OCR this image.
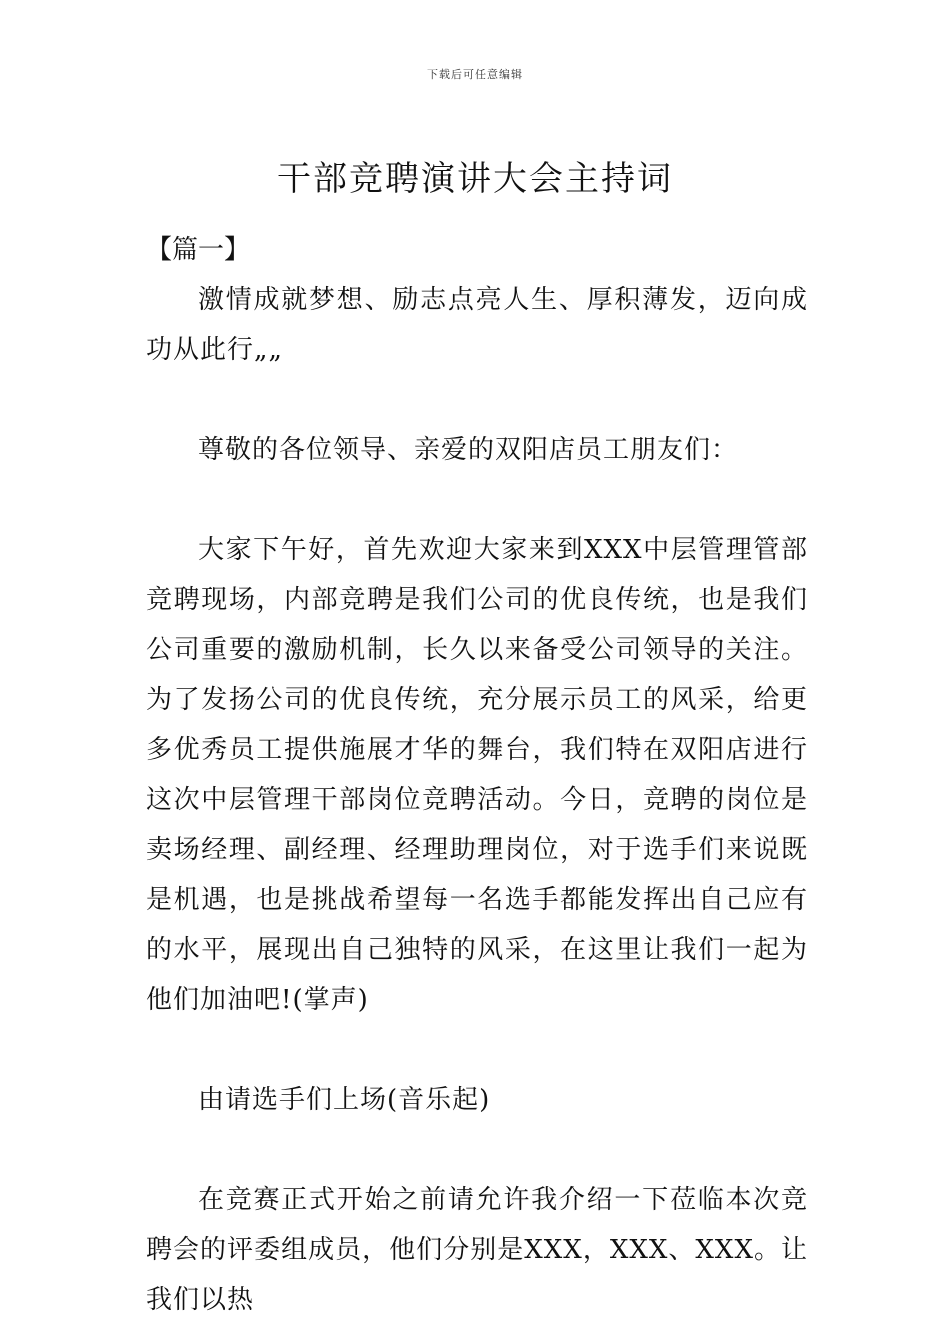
下载后可任意编辑
干部竞聘演讲大会主持词

【篇一】

激情成就梦想、励志点亮人生、厚积薄发，迈向成功从此行„„

尊敬的各位领导、亲爱的双阳店员工朋友们：

大家下午好，首先欢迎大家来到XXX中层管理管部竞聘现场，内部竞聘是我们公司的优良传统，也是我们公司重要的激励机制，长久以来备受公司领导的关注。为了发扬公司的优良传统，充分展示员工的风采，给更多优秀员工提供施展才华的舞台，我们特在双阳店进行这次中层管理干部岗位竞聘活动。今日，竞聘的岗位是卖场经理、副经理、经理助理岗位，对于选手们来说既是机遇，也是挑战希望每一名选手都能发挥出自己应有的水平，展现出自己独特的风采，在这里让我们一起为他们加油吧!(掌声)

由请选手们上场(音乐起)

在竞赛正式开始之前请允许我介绍一下莅临本次竞聘会的评委组成员，他们分别是XXX，XXX、XXX。让我们以热
